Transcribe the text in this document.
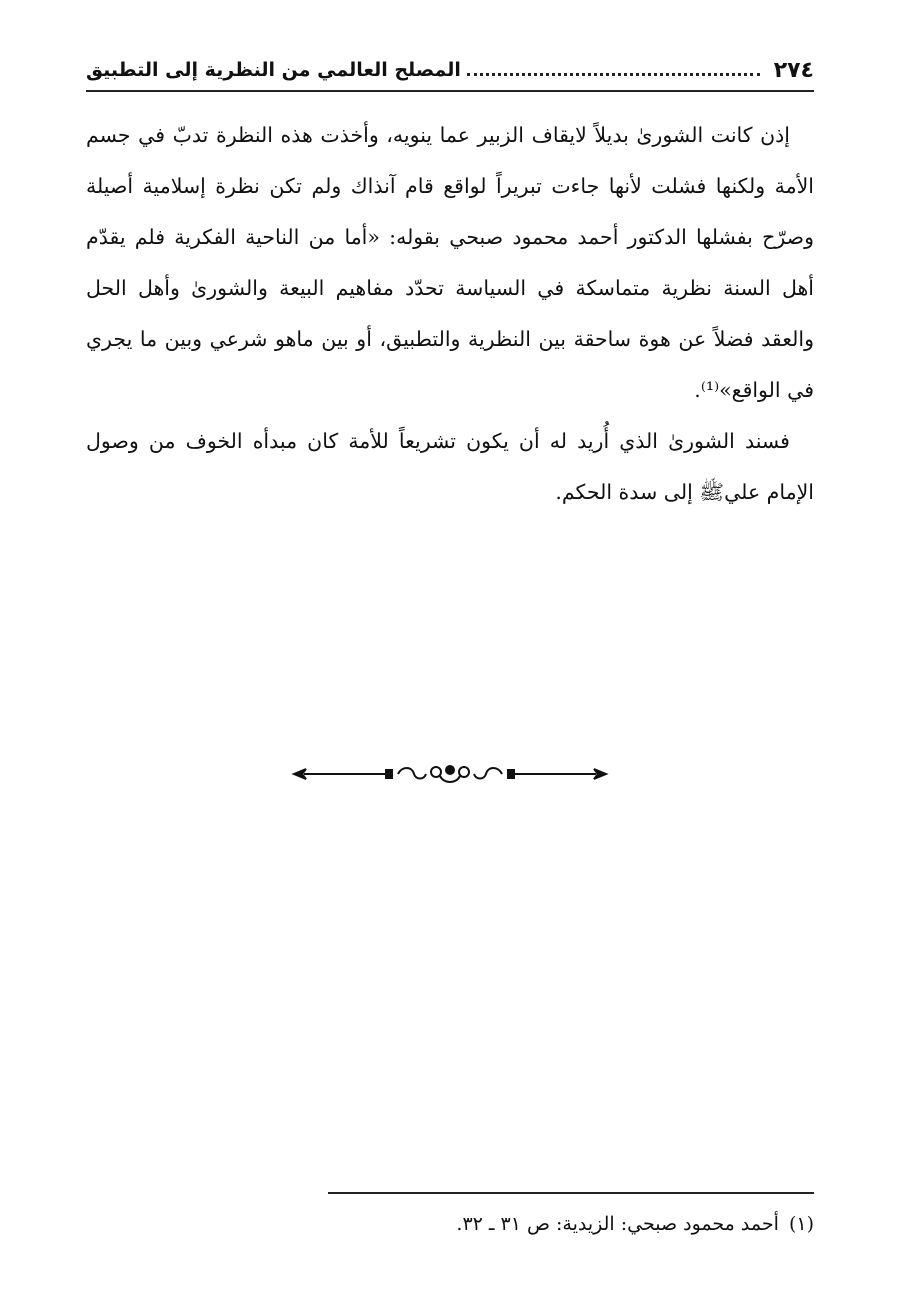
٢٧٤
المصلح العالمي من النظرية إلى التطبيق

إذن كانت الشورىٰ بديلاً لايقاف الزبير عما ينويه، وأخذت هذه النظرة تدبّ في جسم الأمة ولكنها فشلت لأنها جاءت تبريراً لواقع قام آنذاك ولم تكن نظرة إسلامية أصيلة وصرّح بفشلها الدكتور أحمد محمود صبحي بقوله: «أما من الناحية الفكرية فلم يقدّم أهل السنة نظرية متماسكة في السياسة تحدّد مفاهيم البيعة والشورىٰ وأهل الحل والعقد فضلاً عن هوة ساحقة بين النظرية والتطبيق، أو بين ماهو شرعي وبين ما يجري في الواقع»⁽¹⁾.

فسند الشورىٰ الذي أُريد له أن يكون تشريعاً للأمة كان مبدأه الخوف من وصول الإمام عليﷺ إلى سدة الحكم.

(١) أحمد محمود صبحي: الزيدية: ص ٣١ ـ ٣٢.
